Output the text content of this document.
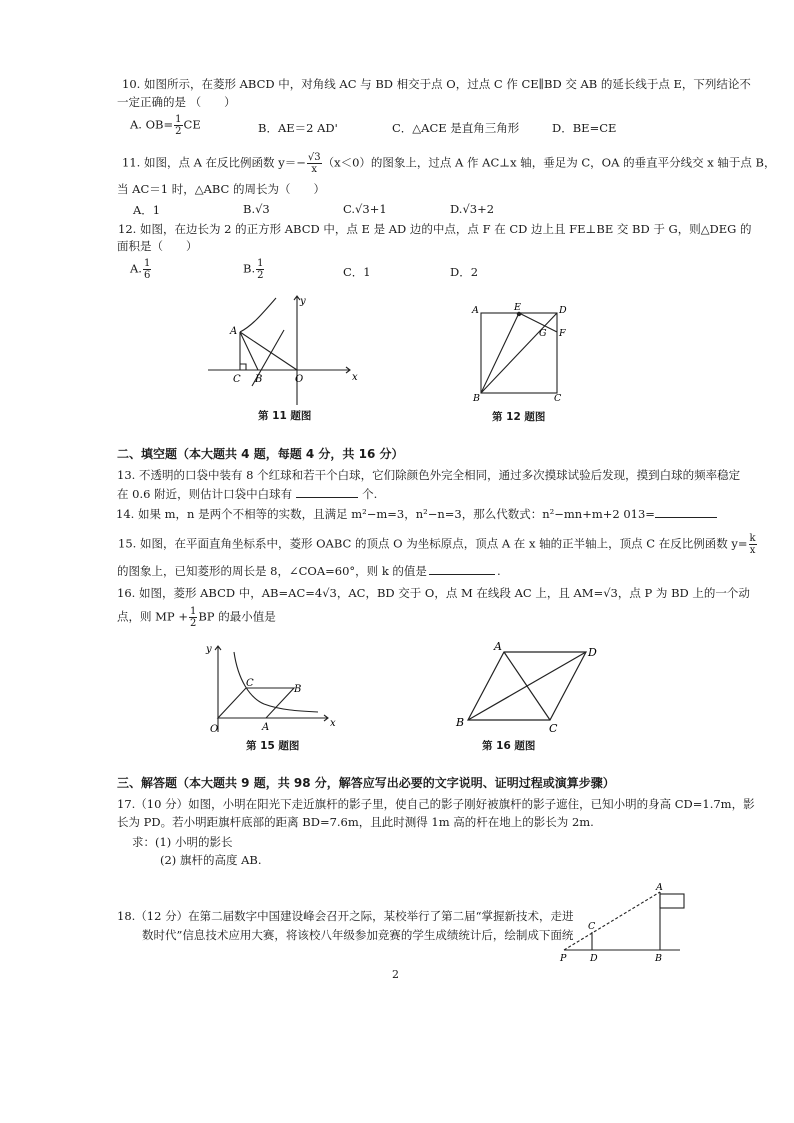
10. 如图所示，在菱形 ABCD 中，对角线 AC 与 BD 相交于点 O，过点 C 作 CE∥BD 交 AB 的延长线于点 E，下列结论不
一定正确的是 （　　）
A. $OB= \frac{1}{2}$ CE	B．AE＝2 AD'	C．△ACE 是直角三角形	D．BE=CE
11. 如图，点 A 在反比例函数 $y=- \frac{√3}{x} (x<0)$的图象上，过点 A 作 AC⊥x 轴，垂足为 C，OA 的垂直平分线交 x 轴于点 B，
当 AC＝1 时，△ABC 的周长为（　　）
A．1	B.√3	C.√3+1	D.√3+2
12. 如图，在边长为 2 的正方形 ABCD 中，点 E 是 AD 边的中点，点 F 在 CD 边上且 FE⊥BE 交 BD 于 G，则△DEG 的
面积是（　　）
A. $\frac{1}{6}$	B. $\frac{1}{2}$	C．1	D．2
y
x
A
C B	O
第 11 题图
A	E	D
G F
B	C
第 12 题图
二、填空题（本大题共 4 题，每题 4 分，共 16 分）
13. 不透明的口袋中装有 8 个红球和若干个白球，它们除颜色外完全相同，通过多次摸球试验后发现，摸到白球的频率稳定
在 0.6 附近，则估计口袋中白球有	个.
14. 如果 m，n 是两个不相等的实数，且满足 m²−m=3，n²−n=3，那么代数式：n²−mn+m+2 013=
15. 如图，在平面直角坐标系中，菱形 OABC 的顶点 O 为坐标原点，顶点 A 在 x 轴的正半轴上，顶点 C 在反比例函数 $y= \frac{k}{x}$
的图象上，已知菱形的周长是 8，∠COA=60°，则 k 的值是	.
16. 如图，菱形 ABCD 中，AB=AC=4√3，AC，BD 交于 O，点 M 在线段 AC 上，且 AM=√3，点 P 为 BD 上的一个动
点，则 MP + $\frac{1}{2}$ BP 的最小值是
y
x
C
B
O	A
第 15 题图
A	D
B	C
第 16 题图
三、解答题（本大题共 9 题，共 98 分，解答应写出必要的文字说明、证明过程或演算步骤）
17.（10 分）如图，小明在阳光下走近旗杆的影子里，使自己的影子刚好被旗杆的影子遮住，已知小明的身高 CD=1.7m，影
长为 PD。若小明距旗杆底部的距离 BD=7.6m，且此时测得 1m 高的杆在地上的影长为 2m.
求：(1) 小明的影长
(2) 旗杆的高度 AB.
18.（12 分）在第二届数字中国建设峰会召开之际，某校举行了第二届“掌握新技术，走进
数时代”信息技术应用大赛，将该校八年级参加竞赛的学生成绩统计后，绘制成下面统
A
C
P D	B
2
